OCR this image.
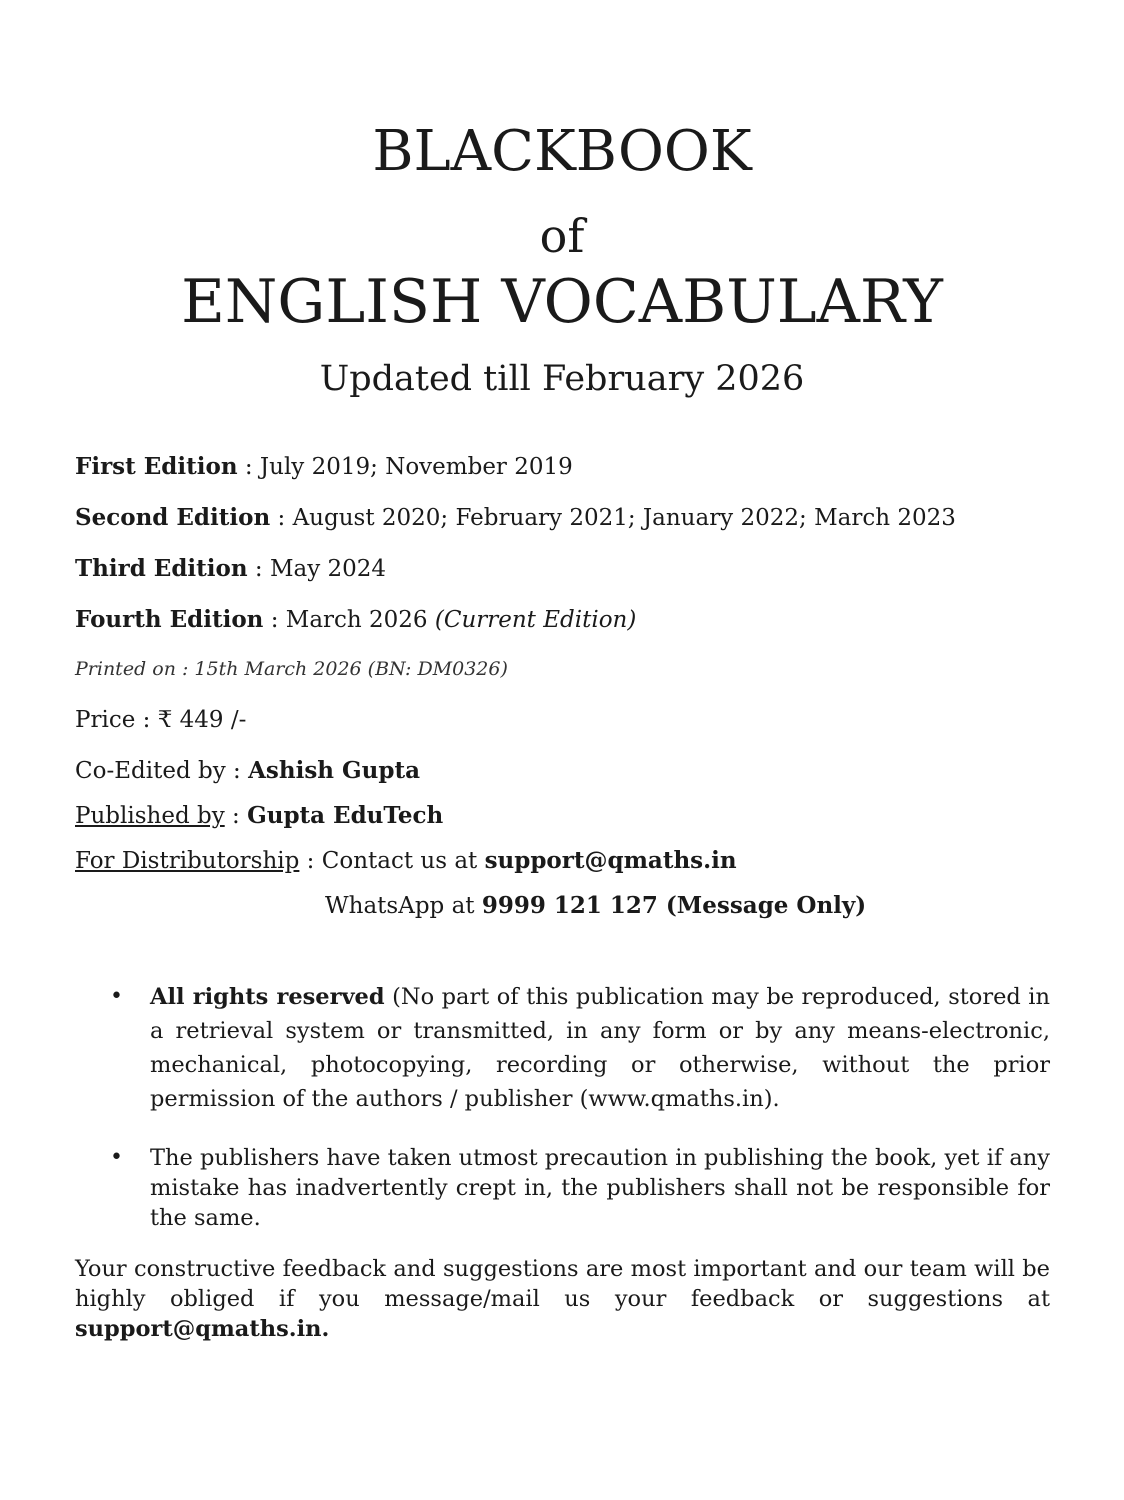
BLACKBOOK
of
ENGLISH VOCABULARY
Updated till February 2026
First Edition : July 2019; November 2019
Second Edition : August 2020; February 2021; January 2022; March 2023
Third Edition : May 2024
Fourth Edition : March 2026 (Current Edition)
Printed on : 15th March 2026 (BN: DM0326)
Price : ₹ 449 /-
Co-Edited by : Ashish Gupta
Published by : Gupta EduTech
For Distributorship : Contact us at support@qmaths.in
WhatsApp at 9999 121 127 (Message Only)
• All rights reserved (No part of this publication may be reproduced, stored in a retrieval system or transmitted, in any form or by any means-electronic, mechanical, photocopying, recording or otherwise, without the prior permission of the authors / publisher (www.qmaths.in).
• The publishers have taken utmost precaution in publishing the book, yet if any mistake has inadvertently crept in, the publishers shall not be responsible for the same.
Your constructive feedback and suggestions are most important and our team will be highly obliged if you message/mail us your feedback or suggestions at support@qmaths.in.
